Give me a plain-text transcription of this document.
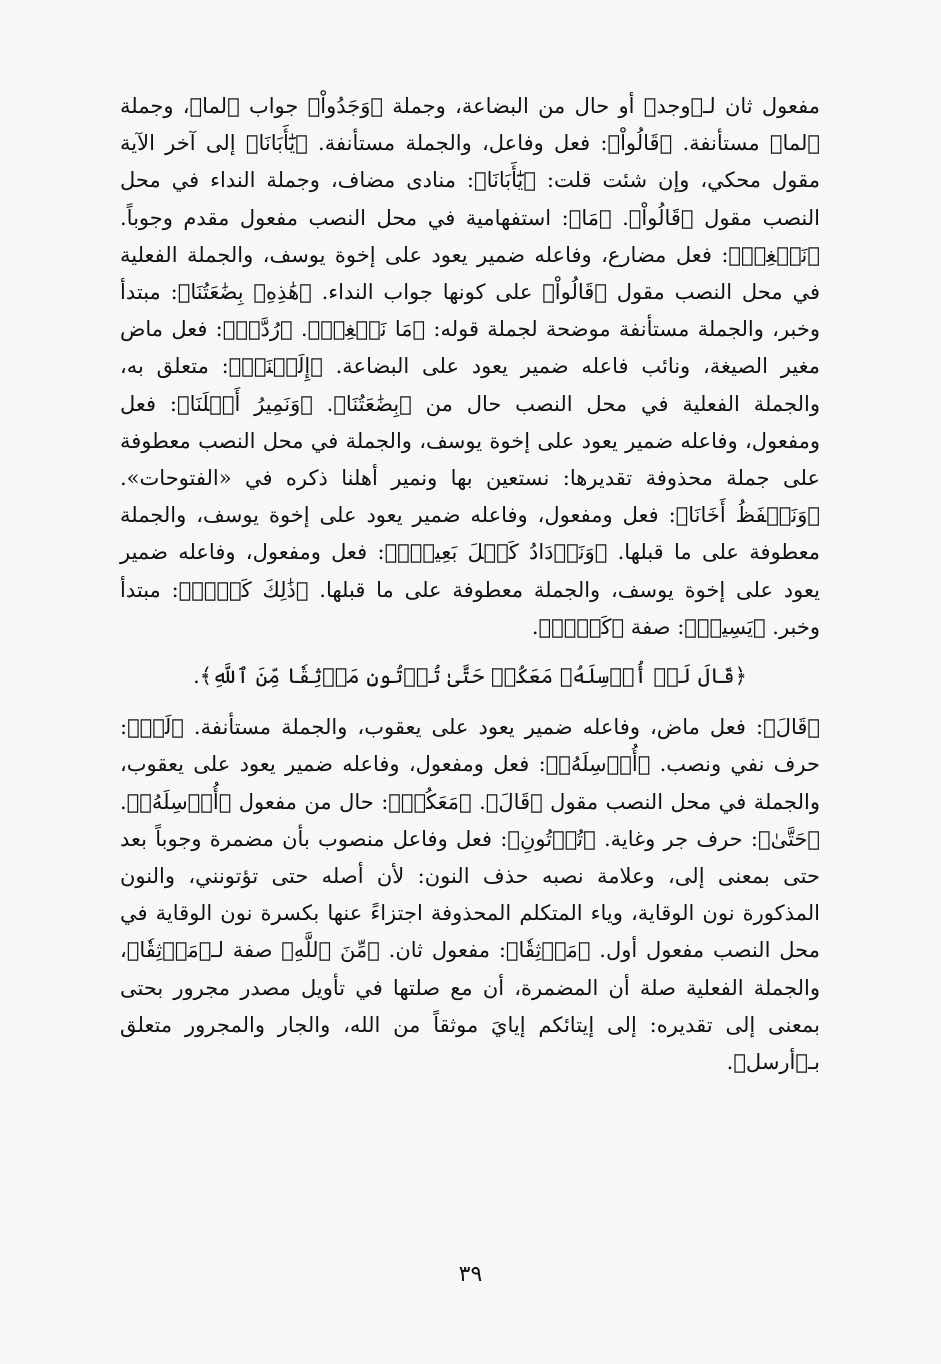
مفعول ثان لـ﴿وجد﴾ أو حال من البضاعة، وجملة ﴿وَجَدُواْ﴾ جواب ﴿لما﴾، وجملة ﴿لما﴾ مستأنفة. ﴿قَالُواْ﴾: فعل وفاعل، والجملة مستأنفة. ﴿يَٰٓأَبَانَا﴾ إلى آخر الآية مقول محكي، وإن شئت قلت: ﴿يَٰٓأَبَانَا﴾: منادى مضاف، وجملة النداء في محل النصب مقول ﴿قَالُواْ﴾. ﴿مَا﴾: استفهامية في محل النصب مفعول مقدم وجوباً. ﴿نَبۡغِيۖ﴾: فعل مضارع، وفاعله ضمير يعود على إخوة يوسف، والجملة الفعلية في محل النصب مقول ﴿قَالُواْ﴾ على كونها جواب النداء. ﴿هَٰذِهِۦ بِضَٰعَتُنَا﴾: مبتدأ وخبر، والجملة مستأنفة موضحة لجملة قوله: ﴿مَا نَبۡغِيۖ﴾. ﴿رُدَّتۡ﴾: فعل ماض مغير الصيغة، ونائب فاعله ضمير يعود على البضاعة. ﴿إِلَيۡنَاۖ﴾: متعلق به، والجملة الفعلية في محل النصب حال من ﴿بِضَٰعَتُنَا﴾. ﴿وَنَمِيرُ أَهۡلَنَا﴾: فعل ومفعول، وفاعله ضمير يعود على إخوة يوسف، والجملة في محل النصب معطوفة على جملة محذوفة تقديرها: نستعين بها ونمير أهلنا ذكره في «الفتوحات». ﴿وَنَحۡفَظُ أَخَانَا﴾: فعل ومفعول، وفاعله ضمير يعود على إخوة يوسف، والجملة معطوفة على ما قبلها. ﴿وَنَزۡدَادُ كَيۡلَ بَعِيرٖۖ﴾: فعل ومفعول، وفاعله ضمير يعود على إخوة يوسف، والجملة معطوفة على ما قبلها. ﴿ذَٰلِكَ كَيۡلٞ﴾: مبتدأ وخبر. ﴿يَسِيرٞ﴾: صفة ﴿كَيۡلٞ﴾.

﴿قَالَ لَنۡ أُرۡسِلَهُۥ مَعَكُمۡ حَتَّىٰ تُؤۡتُونِ مَوۡثِقٗا مِّنَ ٱللَّهِ﴾.

﴿قَالَ﴾: فعل ماض، وفاعله ضمير يعود على يعقوب، والجملة مستأنفة. ﴿لَنۡ﴾: حرف نفي ونصب. ﴿أُرۡسِلَهُۥ﴾: فعل ومفعول، وفاعله ضمير يعود على يعقوب، والجملة في محل النصب مقول ﴿قَالَ﴾. ﴿مَعَكُمۡ﴾: حال من مفعول ﴿أُرۡسِلَهُۥ﴾. ﴿حَتَّىٰ﴾: حرف جر وغاية. ﴿تُؤۡتُونِ﴾: فعل وفاعل منصوب بأن مضمرة وجوباً بعد حتى بمعنى إلى، وعلامة نصبه حذف النون: لأن أصله حتى تؤتونني، والنون المذكورة نون الوقاية، وياء المتكلم المحذوفة اجتزاءً عنها بكسرة نون الوقاية في محل النصب مفعول أول. ﴿مَوۡثِقٗا﴾: مفعول ثان. ﴿مِّنَ ٱللَّهِ﴾ صفة لـ﴿مَوۡثِقٗا﴾، والجملة الفعلية صلة أن المضمرة، أن مع صلتها في تأويل مصدر مجرور بحتى بمعنى إلى تقديره: إلى إيتائكم إيايَ موثقاً من الله، والجار والمجرور متعلق بـ﴿أرسل﴾.

٣٩
